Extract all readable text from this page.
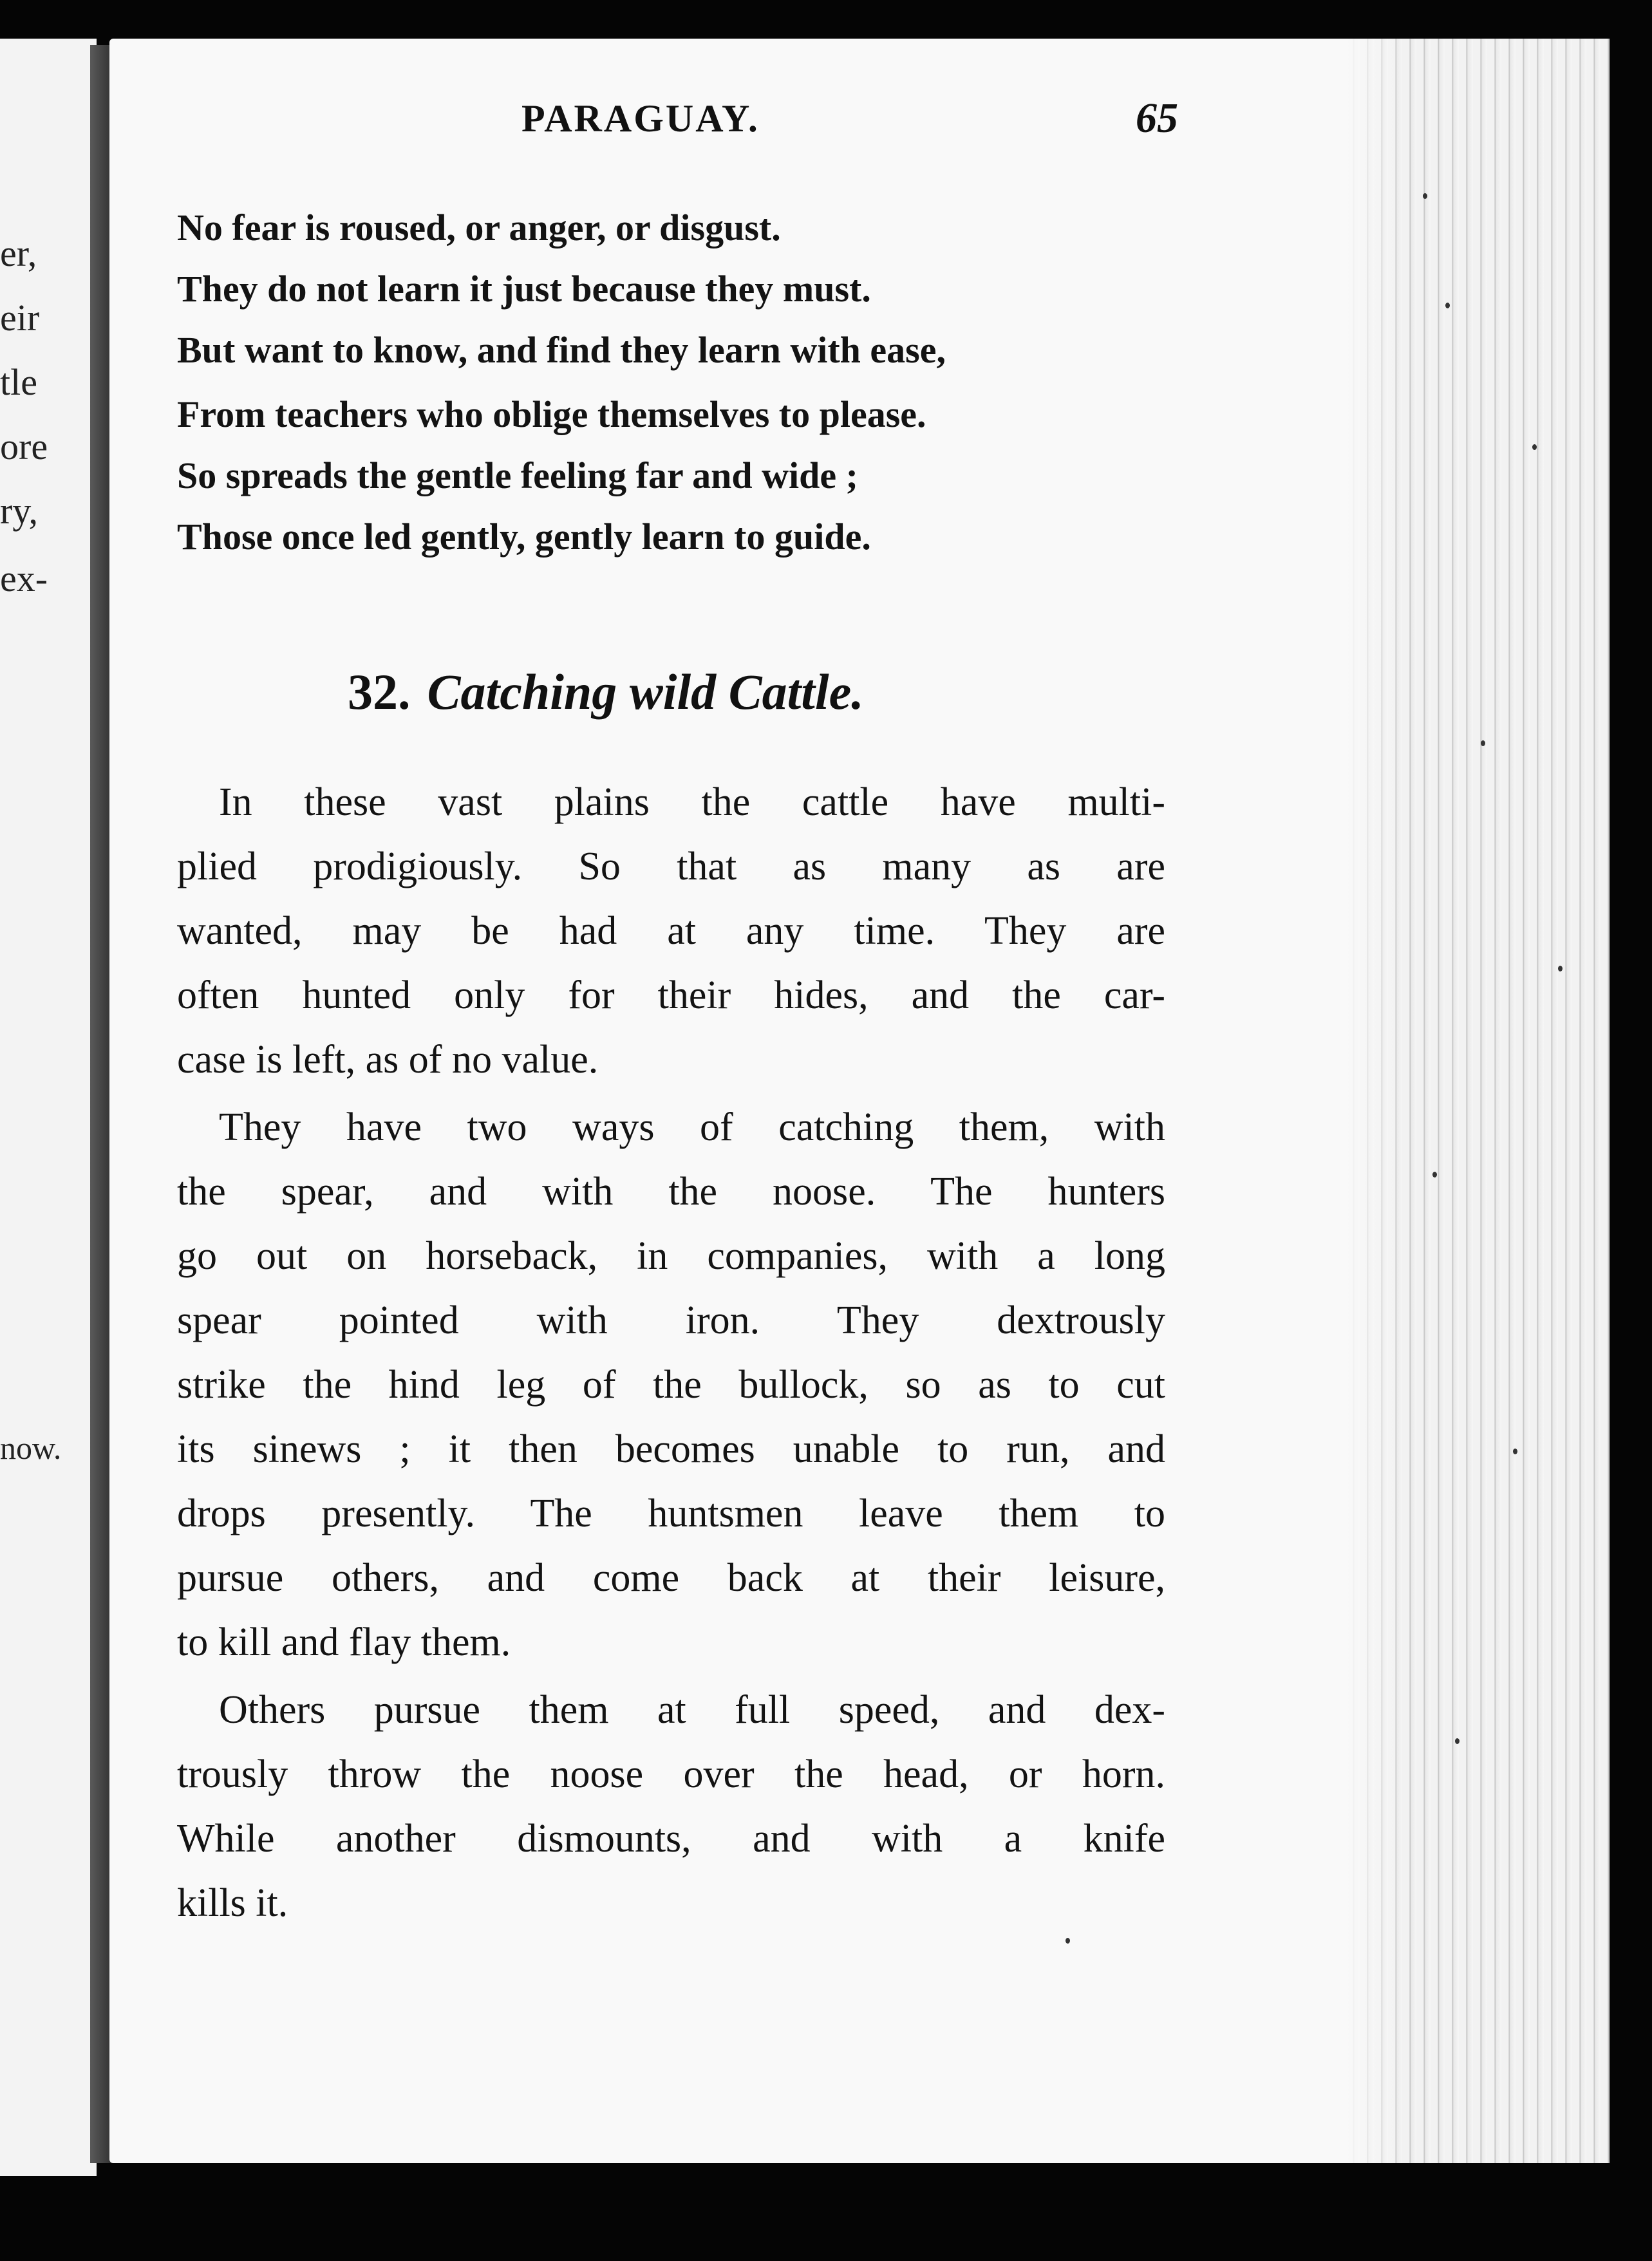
er,
eir
tle
ore
ry,
ex-
now.
PARAGUAY.	65
No fear is roused, or anger, or disgust.
They do not learn it just because they must.
But want to know, and find they learn with ease,
From teachers who oblige themselves to please.
So spreads the gentle feeling far and wide ;
Those once led gently, gently learn to guide.
32. Catching wild Cattle.
In these vast plains the cattle have multi-
plied prodigiously. So that as many as are
wanted, may be had at any time. They are
often hunted only for their hides, and the car-
case is left, as of no value.
They have two ways of catching them, with
the spear, and with the noose. The hunters
go out on horseback, in companies, with a long
spear pointed with iron. They dextrously
strike the hind leg of the bullock, so as to cut
its sinews ; it then becomes unable to run, and
drops presently. The huntsmen leave them to
pursue others, and come back at their leisure,
to kill and flay them.
Others pursue them at full speed, and dex-
trously throw the noose over the head, or horn.
While another dismounts, and with a knife
kills it.
